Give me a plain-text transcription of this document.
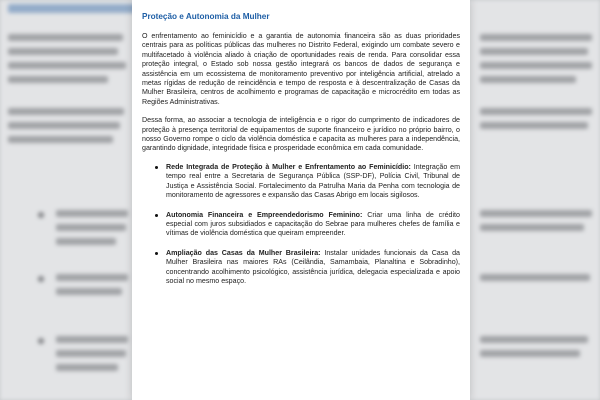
Proteção e Autonomia da Mulher

O enfrentamento ao feminicídio e a garantia de autonomia financeira são as duas prioridades centrais para as políticas públicas das mulheres no Distrito Federal, exigindo um combate severo e multifacetado à violência aliado à criação de oportunidades reais de renda. Para consolidar essa proteção integral, o Estado sob nossa gestão integrará os bancos de dados de segurança e assistência em um ecossistema de monitoramento preventivo por inteligência artificial, atrelado a metas rígidas de redução de reincidência e tempo de resposta e à descentralização de Casas da Mulher Brasileira, centros de acolhimento e programas de capacitação e microcrédito em todas as Regiões Administrativas.

Dessa forma, ao associar a tecnologia de inteligência e o rigor do cumprimento de indicadores de proteção à presença territorial de equipamentos de suporte financeiro e jurídico no próprio bairro, o nosso Governo rompe o ciclo da violência doméstica e capacita as mulheres para a independência, garantindo dignidade, integridade física e prosperidade econômica em cada comunidade.

Rede Integrada de Proteção à Mulher e Enfrentamento ao Feminicídio: Integração em tempo real entre a Secretaria de Segurança Pública (SSP-DF), Polícia Civil, Tribunal de Justiça e Assistência Social. Fortalecimento da Patrulha Maria da Penha com tecnologia de monitoramento de agressores e expansão das Casas Abrigo em locais sigilosos.
Autonomia Financeira e Empreendedorismo Feminino: Criar uma linha de crédito especial com juros subsidiados e capacitação do Sebrae para mulheres chefes de família e vítimas de violência doméstica que queiram empreender.
Ampliação das Casas da Mulher Brasileira: Instalar unidades funcionais da Casa da Mulher Brasileira nas maiores RAs (Ceilândia, Samambaia, Planaltina e Sobradinho), concentrando acolhimento psicológico, assistência jurídica, delegacia especializada e apoio social no mesmo espaço.
